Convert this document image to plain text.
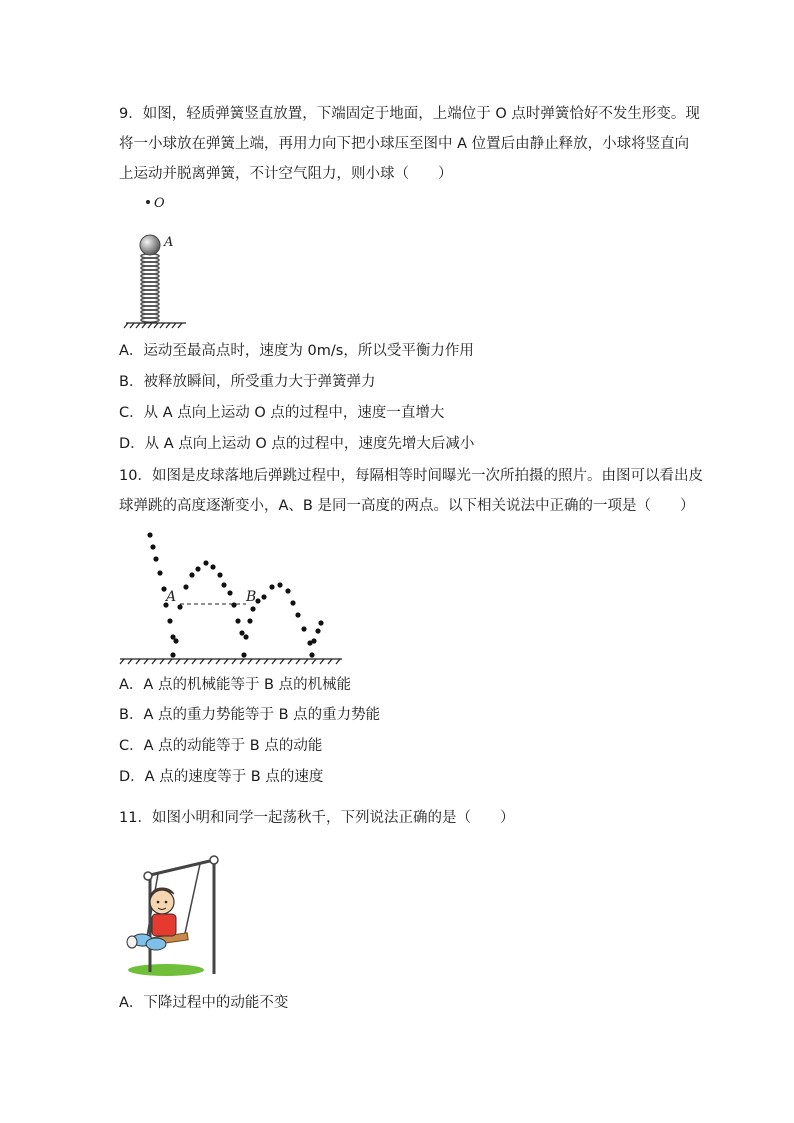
9．如图，轻质弹簧竖直放置，下端固定于地面，上端位于 O 点时弹簧恰好不发生形变。现
将一小球放在弹簧上端，再用力向下把小球压至图中 A 位置后由静止释放，小球将竖直向
上运动并脱离弹簧，不计空气阻力，则小球（　　）
O
A
A．运动至最高点时，速度为 0m/s，所以受平衡力作用
B．被释放瞬间，所受重力大于弹簧弹力
C．从 A 点向上运动 O 点的过程中，速度一直增大
D．从 A 点向上运动 O 点的过程中，速度先增大后减小
10．如图是皮球落地后弹跳过程中，每隔相等时间曝光一次所拍摄的照片。由图可以看出皮
球弹跳的高度逐渐变小，A、B 是同一高度的两点。以下相关说法中正确的一项是（　　）
A	B
A．A 点的机械能等于 B 点的机械能
B．A 点的重力势能等于 B 点的重力势能
C．A 点的动能等于 B 点的动能
D．A 点的速度等于 B 点的速度
11．如图小明和同学一起荡秋千，下列说法正确的是（　　）
A．下降过程中的动能不变
